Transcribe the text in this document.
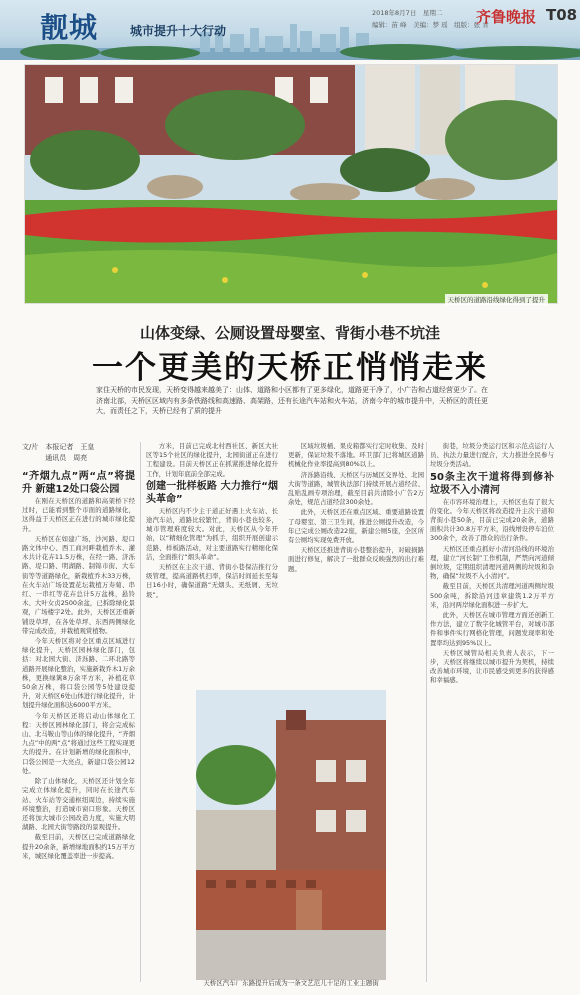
靓城	城市提升十大行动
2018年8月7日　星期二
编辑：苗 峰　美编：梦 瑶　组版：张 青
齐鲁晚报 T08
天桥区的道路沿线绿化得到了提升
山体变绿、公厕设置母婴室、背街小巷不坑洼
一个更美的天桥正悄悄走来
家住天桥的市民发现，天桥变得越来越美了：山体、道路和小区都有了更多绿化，道路更干净了，小广告和占道经营更少了。在济南北部，天桥区区域内有多条铁路线和高速路、高架路，还有长途汽车站和火车站，济南今年的城市提升中，天桥区的责任更大，而责任之下，天桥已经有了质的提升
文/片　本报记者　王皇
　　　 通讯员　周亮

“齐烟九点”两“点”将提升 新建12处口袋公园

在刚在天桥区的道路和高架桥下经过时，已能看到整个市面的道路绿化，这得益于天桥区正在进行的城市绿化提升。

天桥区在如建广场、沙河路、堤口路文体中心、西工商河畔栽植乔木、灌木共计花卉11.5万株，在经一路、济泺路、堤口路、明湖路、制锦市街、大车街等等道路绿化，新栽植乔木33万株，在火车站广场设置花坛栽植万寿菊、串红、一串红等花卉总计5万盆株，悬铃木、大叶女贞2500余盆，已拆除绿化景观，广场楼宇2处。此外，天桥区还重新铺设草坪，在各处草坪、东西两侧绿化带完成改造，并栽植观赏植物。

今年天桥区将对全区重点区域进行绿化提升，天桥区园林绿化部门，包括：对北园大街、济泺路、二环北路等道路开展绿化整治，实施新栽乔木1万余株，更换绿篱8万余平方米，补植花草50余万株，将口袋公园等5处建设提升，对天桥区6处山体进行绿化提升，计划提升绿化面积达6000平方米。

今年天桥区还将启动山体绿化工程：天桥区园林绿化部门，将会完成标山、北马鞍山等山体的绿化提升，“齐烟九点”中的两“点”将通过这些工程实现更大的提升。在计划新增的绿化面积中，口袋公园是一大亮点，新建口袋公园12处。

除了山体绿化，天桥区还计划全年完成立体绿化提升，同时在长途汽车站、火车站等交通枢纽周边，持续实施环境整治，打造城市窗口形象。天桥区还将加大城市公园改造力度，实施大明湖路、北园大街等路段的景观提升。

截至目前，天桥区已完成道路绿化提升20余条，新增绿地面积约15万平方米，城区绿化覆盖率进一步提高。

方米，目前已完成北村西社区、新区大社区等15个社区的绿化提升，北园街道正在进行工程建设。目前天桥区正在抓紧推进绿化提升工作，计划年底前全部完成。

创建一批样板路 大力推行“烟头革命”

天桥区内不少主干道正好遇上火车站、长途汽车站，道路比较繁忙，背街小巷也较多，城市管理难度较大。对此，天桥区从今年开始，以“精细化管理”为抓手，组织开展创建示范路、样板路活动，对主要道路实行精细化保洁，全面推行“烟头革命”。

天桥区在主次干道、背街小巷保洁推行分级管理，提高道路机扫率，保洁时间延长至每日16小时，确保道路“无烟头、无纸屑、无垃圾”。

区域垃圾桶、果皮箱都实行定时收集、及时更新，保证垃圾不落地。环卫部门已将城区道路机械化作业率提高到80%以上。

济泺路沿线、天桥区与历城区交界处、北园大街等道路，城管执法部门持续开展占道经营、乱贴乱画专项治理，截至目前共清除小广告2万余处，规范占道经营300余处。

此外，天桥区还在重点区域、重要道路设置了母婴室、第三卫生间，推进公厕提升改造，今年已完成公厕改造22座，新建公厕5座，全区所有公厕均实现免费开放。

天桥区还推进背街小巷整治提升，对破损路面进行修复，解决了一批群众反映强烈的出行难题。

天桥区汽车厂东路提升后成为一条文艺范儿十足的工业主题街

街巷，垃圾分类运行区和示范点运行人员、执法力量进行配合，大力推进全民参与垃圾分类活动。

50条主次干道将得到修补 垃圾不入小清河

在市容环境治理上，天桥区也有了很大的变化。今年天桥区将改造提升主次干道和背街小巷50条，目前已完成20余条，道路面积共计30.8万平方米，沿线增设停车泊位300余个，改善了群众的出行条件。

天桥区还重点抓好小清河沿线的环境治理，建立“河长制”工作机制，严禁向河道倾倒垃圾，定期组织清理河道两侧的垃圾和杂物，确保“垃圾不入小清河”。

截至目前，天桥区共清理河道两侧垃圾500余吨，拆除沿河违章建筑1.2万平方米，沿河两岸绿化面积进一步扩大。

此外，天桥区在城市管理方面还创新工作方法，建立了数字化城管平台，对城市部件和事件实行网格化管理，问题发现率和处置率均达到95%以上。

天桥区城管局相关负责人表示，下一步，天桥区将继续以城市提升为契机，持续改善城市环境，让市民感受到更多的获得感和幸福感。
